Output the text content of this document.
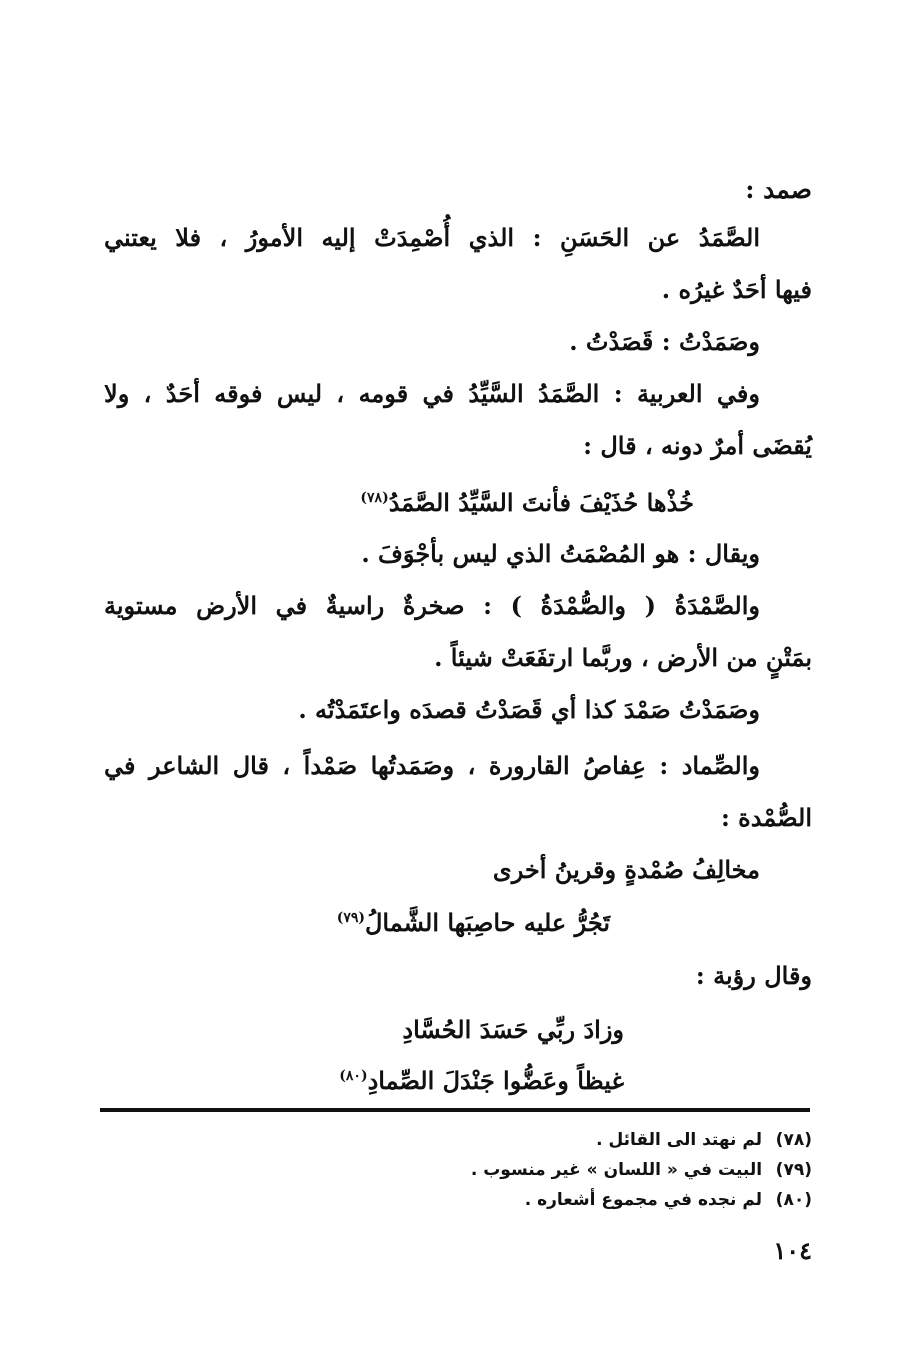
صمد :
الصَّمَدُ عن الحَسَنِ : الذي أُصْمِدَتْ إليه الأمورُ ، فلا يعتني
فيها أحَدٌ غيرُه .
وصَمَدْتُ : قَصَدْتُ .
وفي العربية : الصَّمَدُ السَّيِّدُ في قومه ، ليس فوقه أحَدٌ ، ولا
يُقضَى أمرٌ دونه ، قال :
خُذْها حُذَيْفَ فأنتَ السَّيِّدُ الصَّمَدُ$^{(٧٨)}$
ويقال : هو المُصْمَتُ الذي ليس بأجْوَفَ .
والصَّمْدَةُ ( والصُّمْدَةُ ) : صخرةٌ راسيةٌ في الأرض مستوية
بمَتْنٍ من الأرض ، وربَّما ارتفَعَتْ شيئاً .
وصَمَدْتُ صَمْدَ كذا أي قَصَدْتُ قصدَه واعتَمَدْتُه .
والصِّماد : عِفاصُ القارورة ، وصَمَدتُها صَمْداً ، قال الشاعر في
الصُّمْدة :
مخالِفُ صُمْدةٍ وقرينُ أخرى
تَجُرُّ عليه حاصِبَها الشَّمالُ$^{(٧٩)}$
وقال رؤبة :
وزادَ ربِّي حَسَدَ الحُسَّادِ
غيظاً وعَضُّوا جَنْدَلَ الصِّمادِ$^{(٨٠)}$
(٧٨) لم نهتد الى القائل .
(٧٩) البيت في « اللسان » غير منسوب .
(٨٠) لم نجده في مجموع أشعاره .
١٠٤
